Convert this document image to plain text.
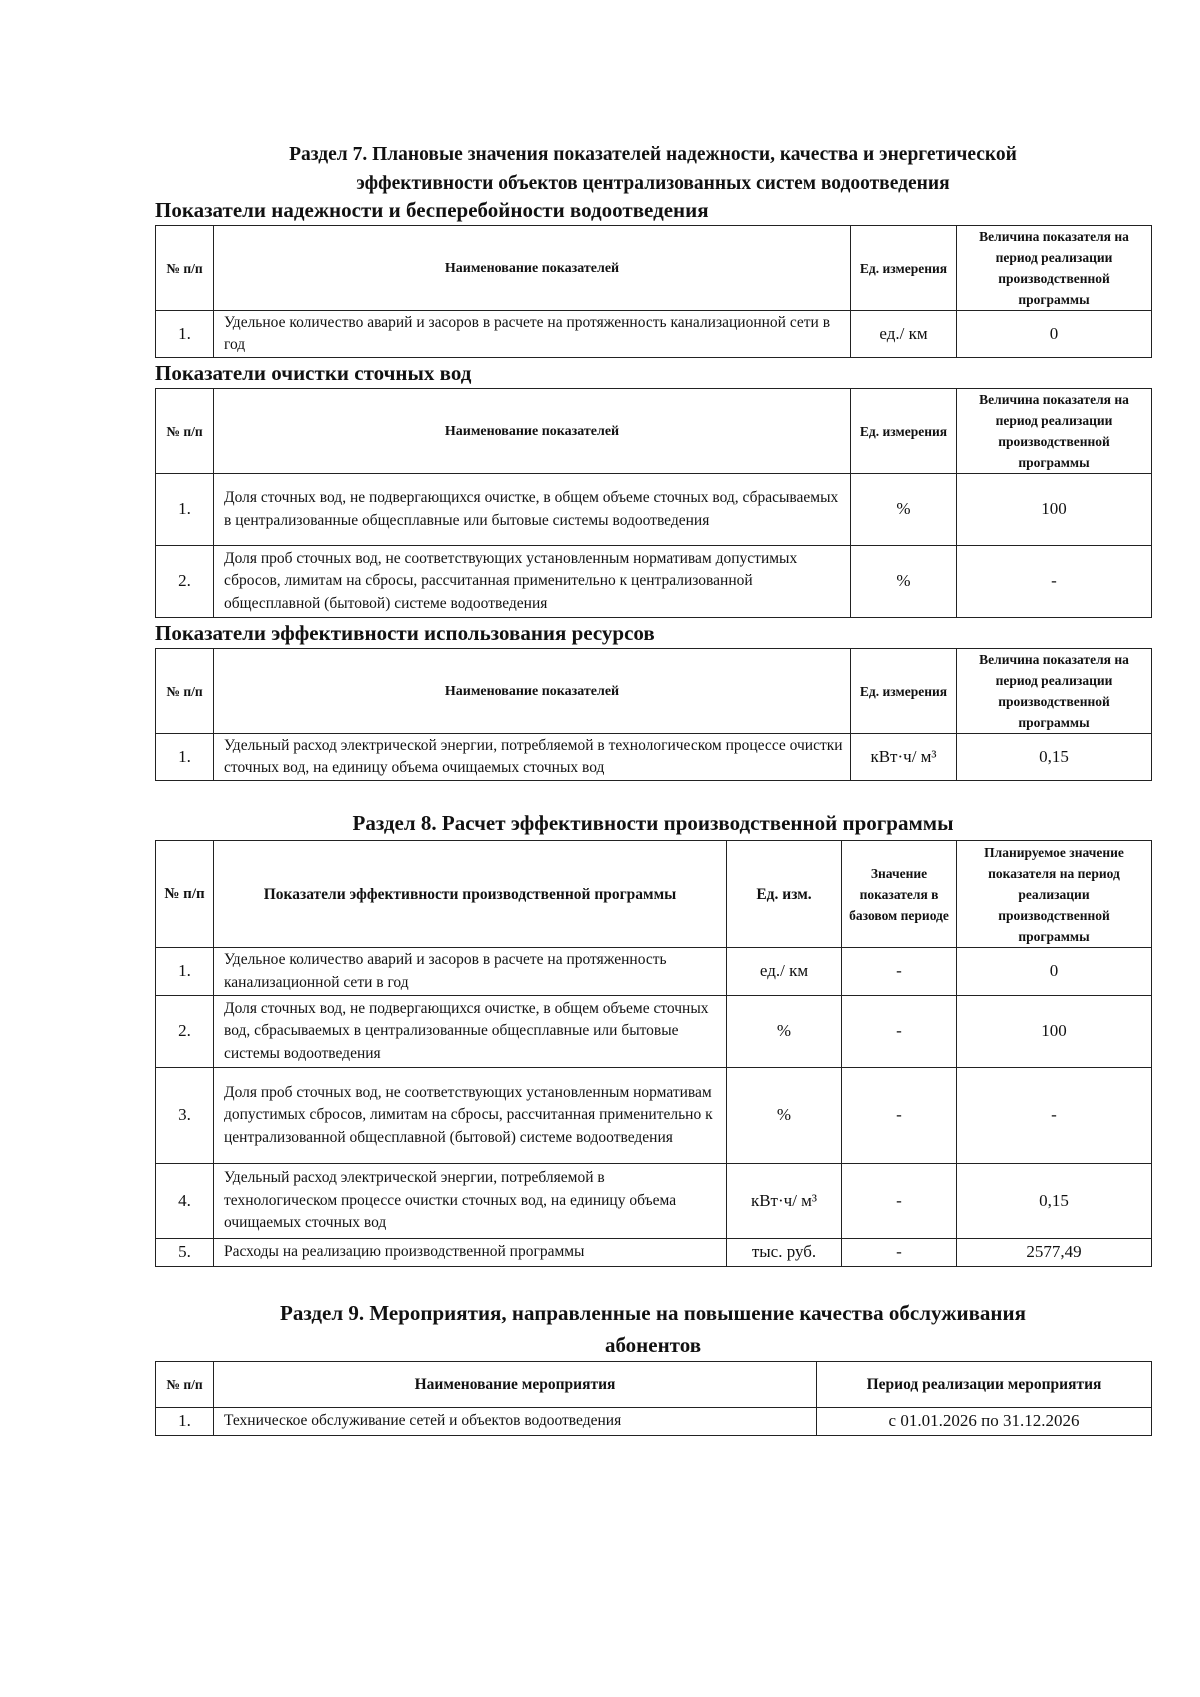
Раздел 7. Плановые значения показателей надежности, качества и энергетической
эффективности объектов централизованных систем водоотведения

Показатели надежности и бесперебойности водоотведения

№ п/п	Наименование показателей	Ед. измерения	Величина показателя на период реализации производственной программы
1.	Удельное количество аварий и засоров в расчете на протяженность канализационной сети в год	ед./ км	0

Показатели очистки сточных вод

№ п/п	Наименование показателей	Ед. измерения	Величина показателя на период реализации производственной программы
1.	Доля сточных вод, не подвергающихся очистке, в общем объеме сточных вод, сбрасываемых в централизованные общесплавные или бытовые системы водоотведения	%	100
2.	Доля проб сточных вод, не соответствующих установленным нормативам допустимых сбросов, лимитам на сбросы, рассчитанная применительно к централизованной общесплавной (бытовой) системе водоотведения	%	-

Показатели эффективности использования ресурсов

№ п/п	Наименование показателей	Ед. измерения	Величина показателя на период реализации производственной программы
1.	Удельный расход электрической энергии, потребляемой в технологическом процессе очистки сточных вод, на единицу объема очищаемых сточных вод	кВт·ч/ м³	0,15

Раздел 8. Расчет эффективности производственной программы

№ п/п	Показатели эффективности производственной программы	Ед. изм.	Значение показателя в базовом периоде	Планируемое значение показателя на период реализации производственной программы
1.	Удельное количество аварий и засоров в расчете на протяженность канализационной сети в год	ед./ км	-	0
2.	Доля сточных вод, не подвергающихся очистке, в общем объеме сточных вод, сбрасываемых в централизованные общесплавные или бытовые системы водоотведения	%	-	100
3.	Доля проб сточных вод, не соответствующих установленным нормативам допустимых сбросов, лимитам на сбросы, рассчитанная применительно к централизованной общесплавной (бытовой) системе водоотведения	%	-	-
4.	Удельный расход электрической энергии, потребляемой в технологическом процессе очистки сточных вод, на единицу объема очищаемых сточных вод	кВт·ч/ м³	-	0,15
5.	Расходы на реализацию производственной программы	тыс. руб.	-	2577,49

Раздел 9. Мероприятия, направленные на повышение качества обслуживания
абонентов

№ п/п	Наименование мероприятия	Период реализации мероприятия
1.	Техническое обслуживание сетей и объектов водоотведения	с 01.01.2026 по 31.12.2026
